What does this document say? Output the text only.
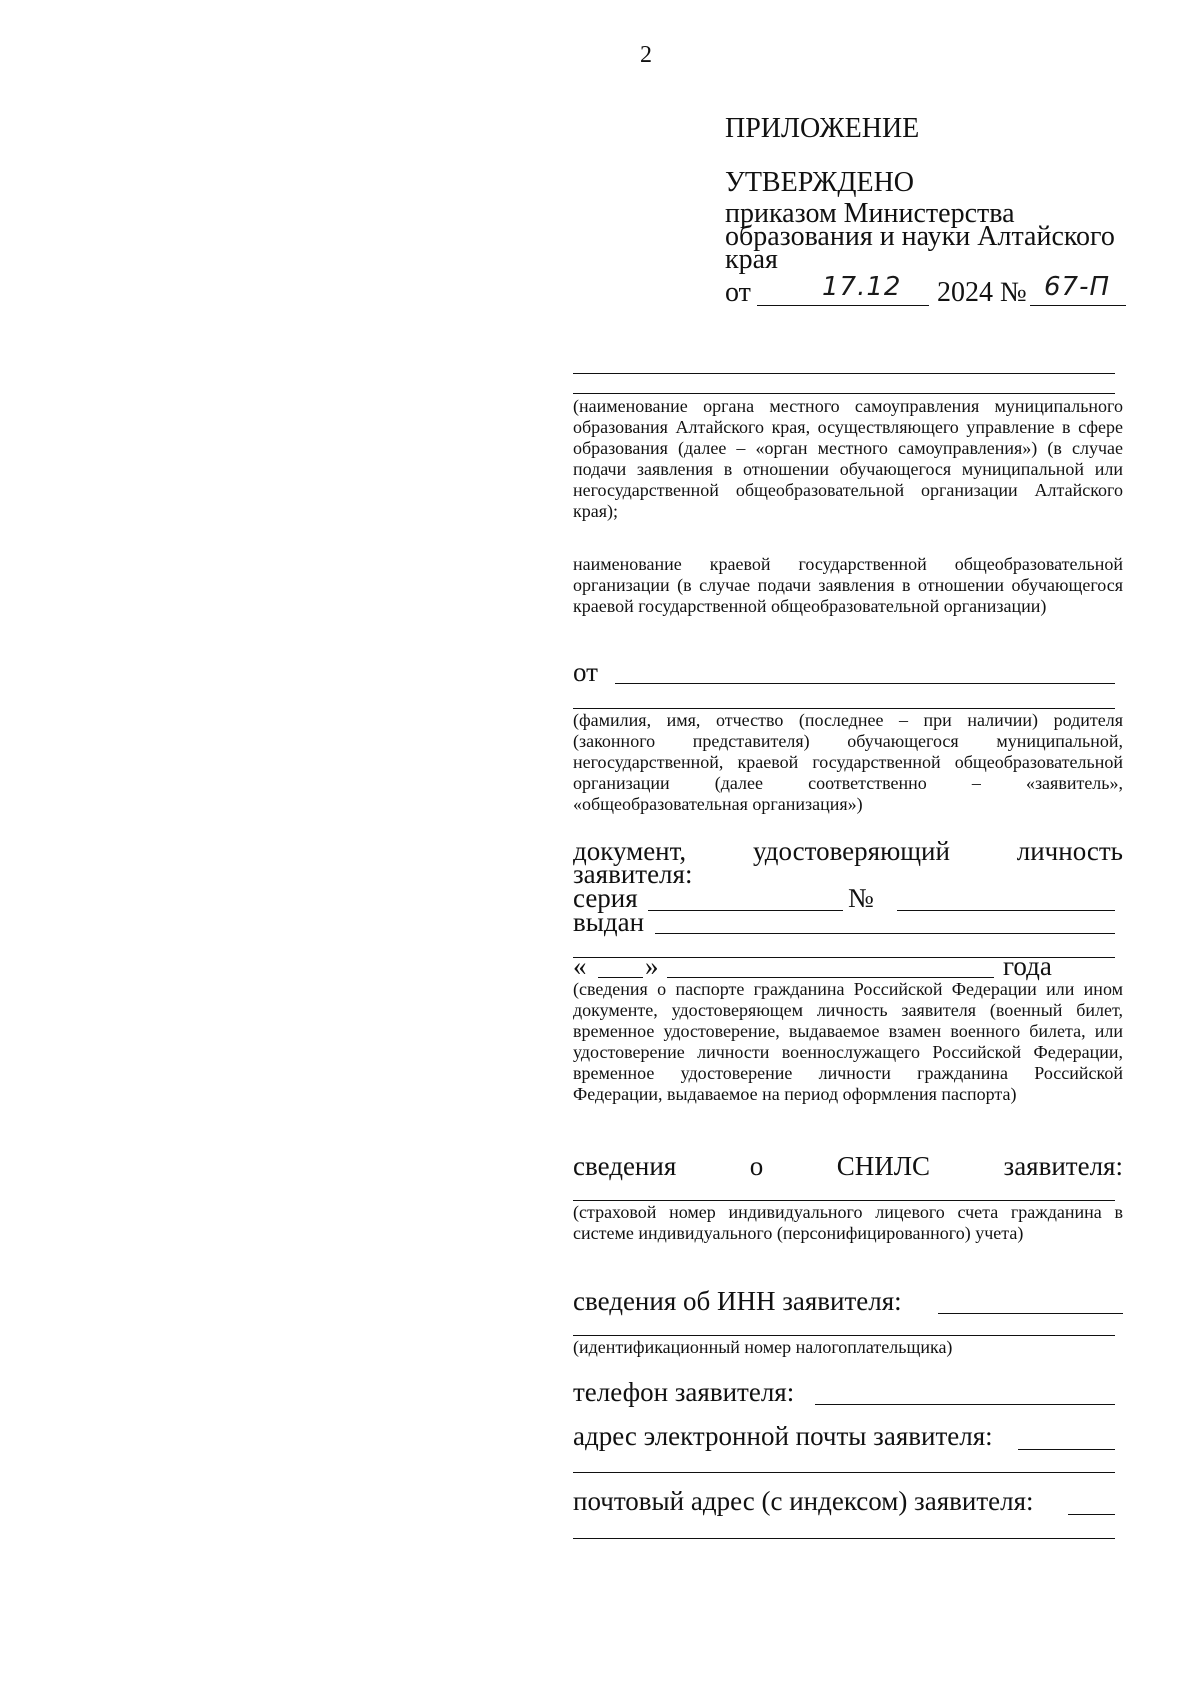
2
ПРИЛОЖЕНИЕ
УТВЕРЖДЕНО
приказом Министерства
образования и науки Алтайского
края
от	17.12 2024 № 67-П
(наименование органа местного самоуправления муниципального образования Алтайского края, осуществляющего управление в сфере образования (далее – «орган местного самоуправления») (в случае подачи заявления в отношении обучающегося муниципальной или негосударственной общеобразовательной организации Алтайского края);
наименование краевой государственной общеобразовательной организации (в случае подачи заявления в отношении обучающегося краевой государственной общеобразовательной организации)
от
(фамилия, имя, отчество (последнее – при наличии) родителя (законного представителя) обучающегося муниципальной, негосударственной, краевой государственной общеобразовательной организации (далее соответственно – «заявитель», «общеобразовательная организация»)
документ, удостоверяющий личность
заявителя:
серия	№
выдан
« »	года
(сведения о паспорте гражданина Российской Федерации или ином документе, удостоверяющем личность заявителя (военный билет, временное удостоверение, выдаваемое взамен военного билета, или удостоверение личности военнослужащего Российской Федерации, временное удостоверение личности гражданина Российской Федерации, выдаваемое на период оформления паспорта)
сведения	о	СНИЛС	заявителя:
(страховой номер индивидуального лицевого счета гражданина в системе индивидуального (персонифицированного) учета)
сведения об ИНН заявителя:
(идентификационный номер налогоплательщика)
телефон заявителя:
адрес электронной почты заявителя:
почтовый адрес (с индексом) заявителя:
